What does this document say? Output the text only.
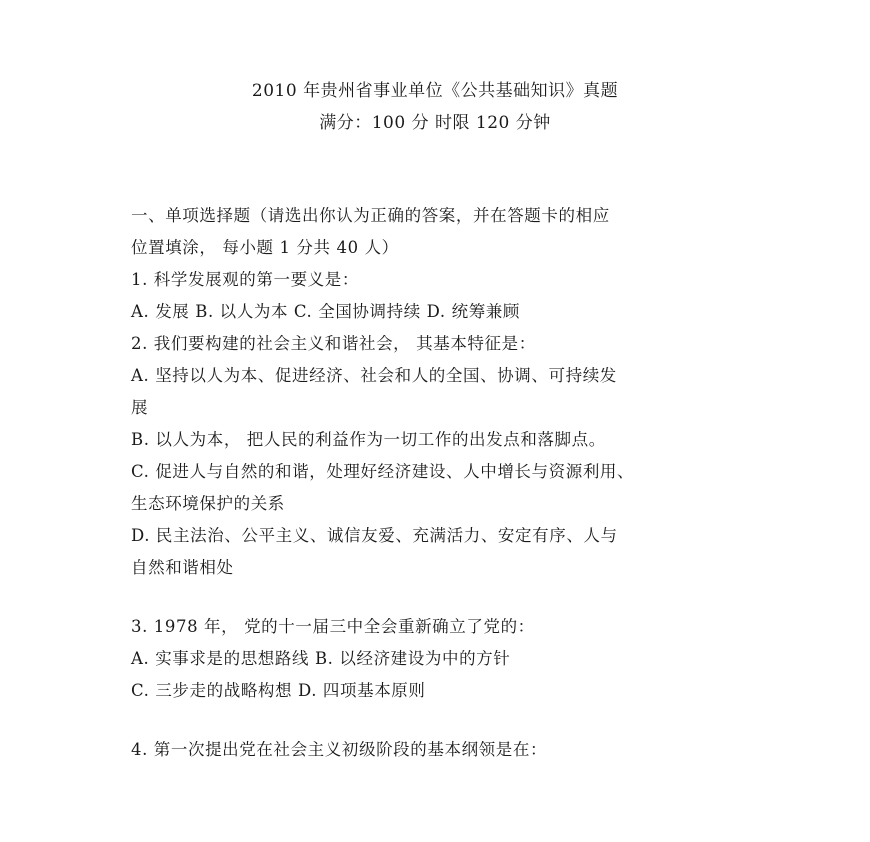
2010 年贵州省事业单位《公共基础知识》真题
满分：100 分 时限 120 分钟
一、单项选择题（请选出你认为正确的答案，并在答题卡的相应
位置填涂， 每小题 1 分共 40 人）
1. 科学发展观的第一要义是：
A. 发展 B. 以人为本 C. 全国协调持续 D. 统筹兼顾
2. 我们要构建的社会主义和谐社会， 其基本特征是：
A. 坚持以人为本、促进经济、社会和人的全国、协调、可持续发
展
B. 以人为本， 把人民的利益作为一切工作的出发点和落脚点。
C. 促进人与自然的和谐，处理好经济建设、人中增长与资源利用、
生态环境保护的关系
D. 民主法治、公平主义、诚信友爱、充满活力、安定有序、人与
自然和谐相处
3. 1978 年， 党的十一届三中全会重新确立了党的：
A. 实事求是的思想路线 B. 以经济建设为中的方针
C. 三步走的战略构想 D. 四项基本原则
4. 第一次提出党在社会主义初级阶段的基本纲领是在：
